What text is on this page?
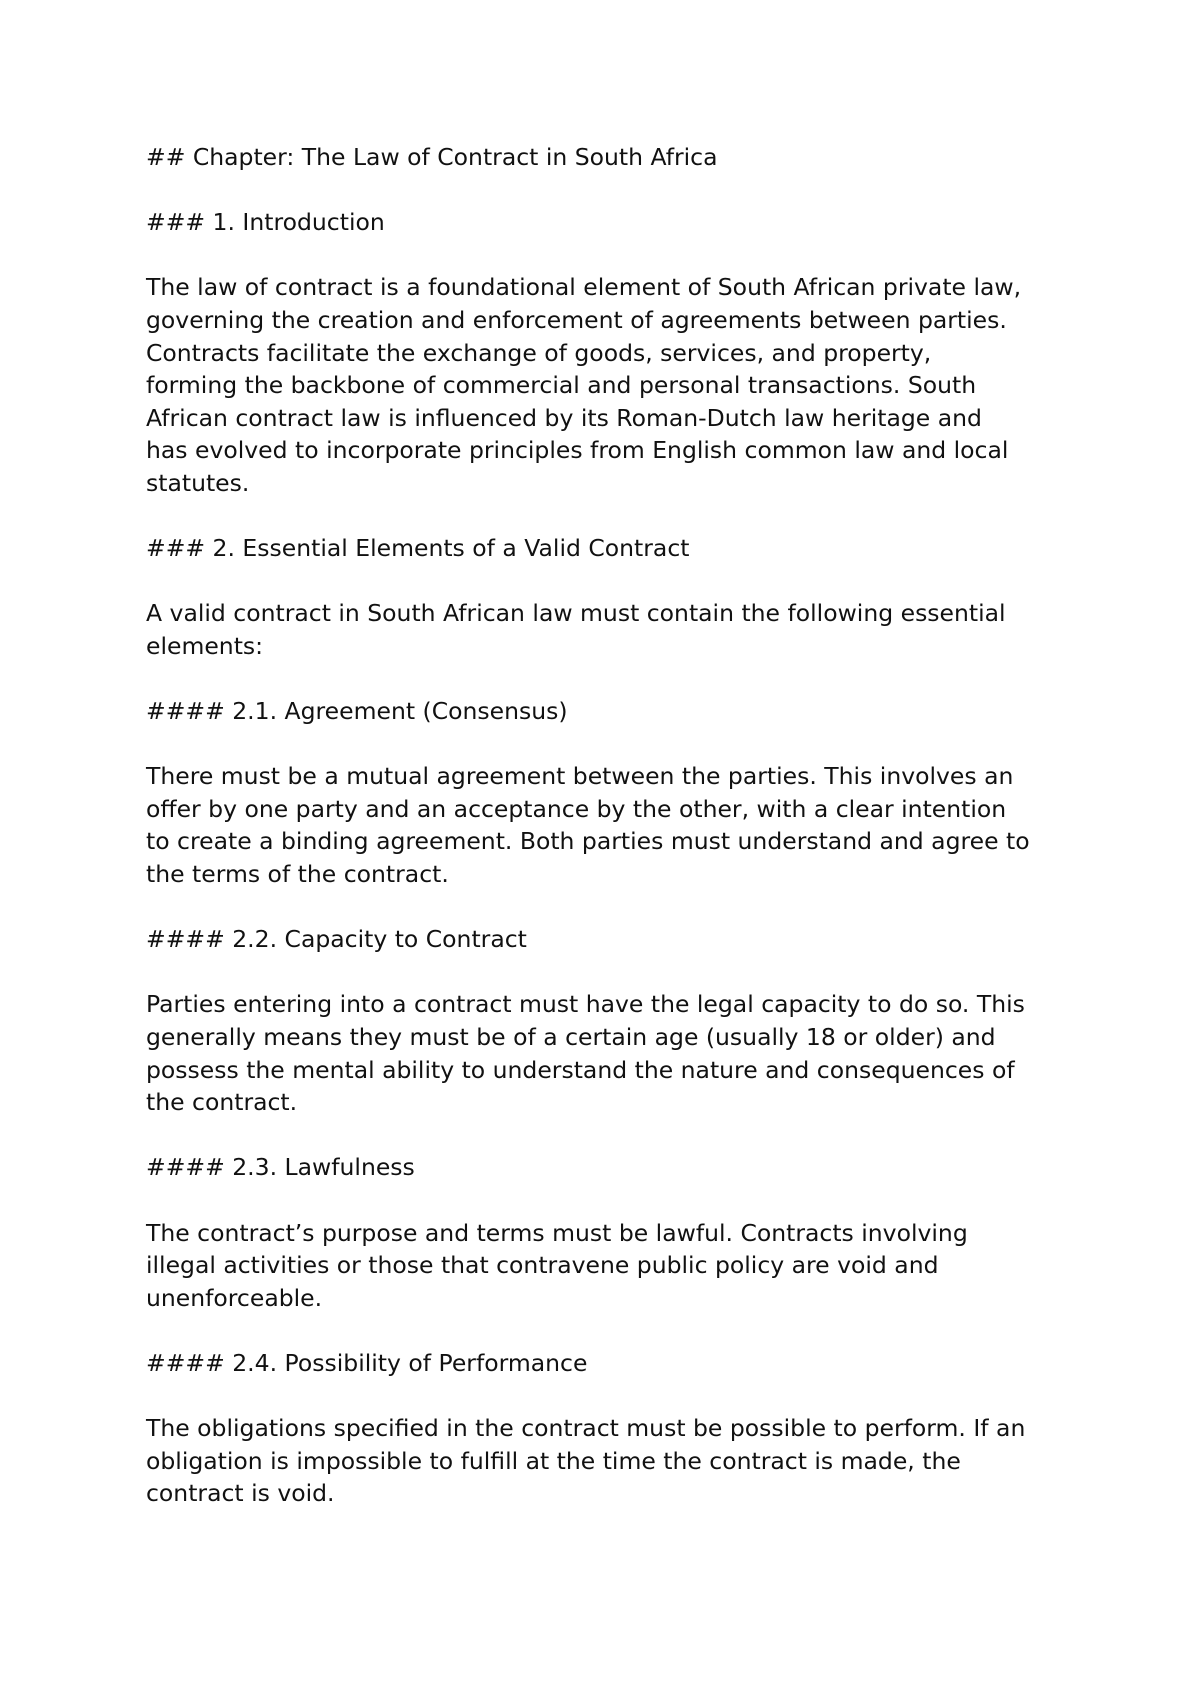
## Chapter: The Law of Contract in South Africa

### 1. Introduction

The law of contract is a foundational element of South African private law,
governing the creation and enforcement of agreements between parties.
Contracts facilitate the exchange of goods, services, and property,
forming the backbone of commercial and personal transactions. South
African contract law is influenced by its Roman-Dutch law heritage and
has evolved to incorporate principles from English common law and local
statutes.

### 2. Essential Elements of a Valid Contract

A valid contract in South African law must contain the following essential
elements:

#### 2.1. Agreement (Consensus)

There must be a mutual agreement between the parties. This involves an
offer by one party and an acceptance by the other, with a clear intention
to create a binding agreement. Both parties must understand and agree to
the terms of the contract.

#### 2.2. Capacity to Contract

Parties entering into a contract must have the legal capacity to do so. This
generally means they must be of a certain age (usually 18 or older) and
possess the mental ability to understand the nature and consequences of
the contract.

#### 2.3. Lawfulness

The contract’s purpose and terms must be lawful. Contracts involving
illegal activities or those that contravene public policy are void and
unenforceable.

#### 2.4. Possibility of Performance

The obligations specified in the contract must be possible to perform. If an
obligation is impossible to fulfill at the time the contract is made, the
contract is void.
